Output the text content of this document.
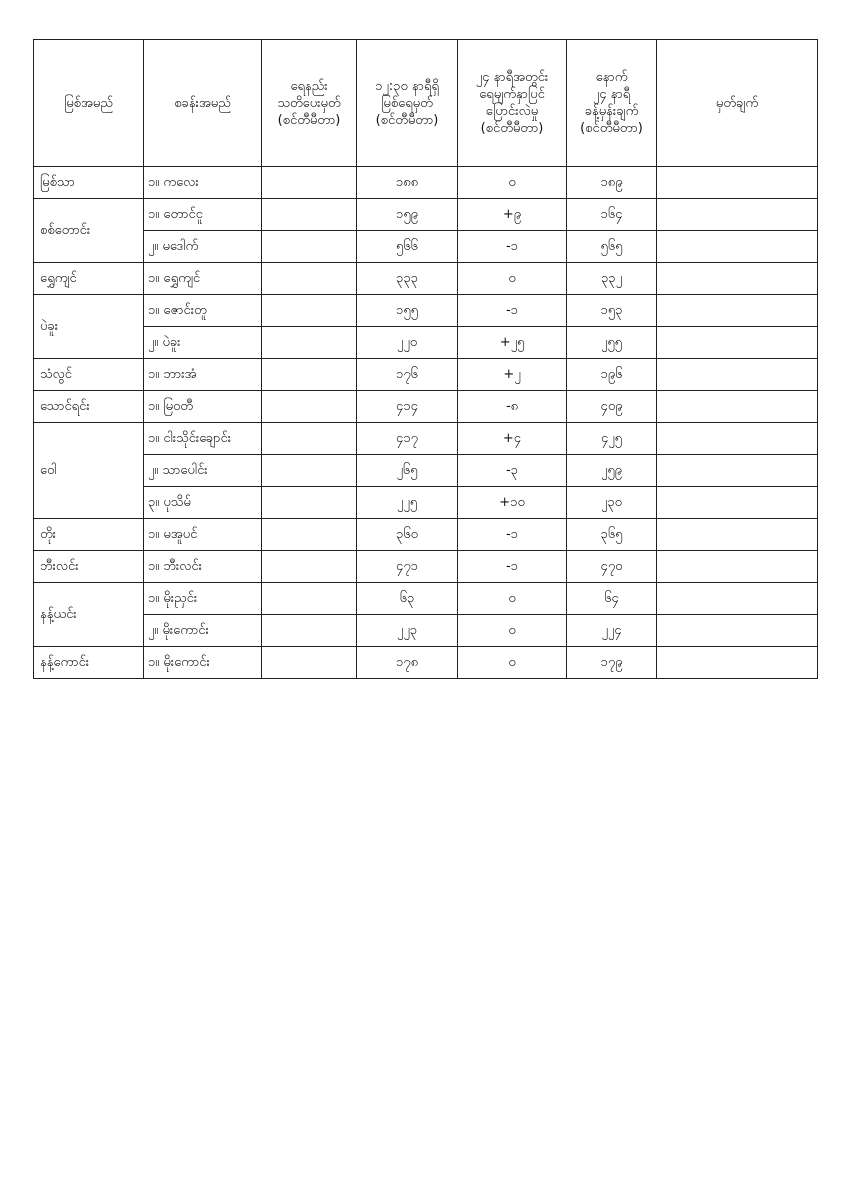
မြစ်အမည်	စခန်းအမည်	ရေနည်း
သတိပေးမှတ်
(စင်တီမီတာ)	၁၂:၃၀ နာရီရှိ
မြစ်ရေမှတ်
(စင်တီမီတာ)	၂၄ နာရီအတွင်း
ရေမျက်နှာပြင်
ပြောင်းလဲမှု
(စင်တီမီတာ)	နောက်
၂၄ နာရီ
ခန့်မှန်းချက်
(စင်တီမီတာ)	မှတ်ချက်

မြစ်သာ	၁။ ကလေး		၁၈၈	၀	၁၈၉	
စစ်တောင်း	၁။ တောင်ငူ		၁၅၉	+၉	၁၆၄	
	၂။ မဒေါက်		၅၆၆	-၁	၅၆၅	
ရွှေကျင်	၁။ ရွှေကျင်		၃၃၃	၀	၃၃၂	
ပဲခူး	၁။ ဇောင်းတူ		၁၅၅	-၁	၁၅၃	
	၂။ ပဲခူး		၂၂၀	+၂၅	၂၅၅	
သံလွင်	၁။ ဘားအံ		၁၇၆	+၂	၁၉၆	
သောင်ရင်း	၁။ မြဝတီ		၄၁၄	-၈	၄၀၉	
ဝေါ	၁။ ငါးသိုင်းချောင်း		၄၁၇	+၄	၄၂၅	
	၂။ သာပေါင်း		၂၆၅	-၃	၂၅၉	
	၃။ ပုသိမ်		၂၂၅	+၁၀	၂၃၀	
တိုး	၁။ မအူပင်		၃၆၀	-၁	၃၆၅	
ဘီးလင်း	၁။ ဘီးလင်း		၄၇၁	-၁	၄၇၀	
နန့်ယင်း	၁။ မိုးညှင်း		၆၃	၀	၆၄	
	၂။ မိုးကောင်း		၂၂၃	၀	၂၂၄	
နန့်ကောင်း	၁။ မိုးကောင်း		၁၇၈	၀	၁၇၉	
